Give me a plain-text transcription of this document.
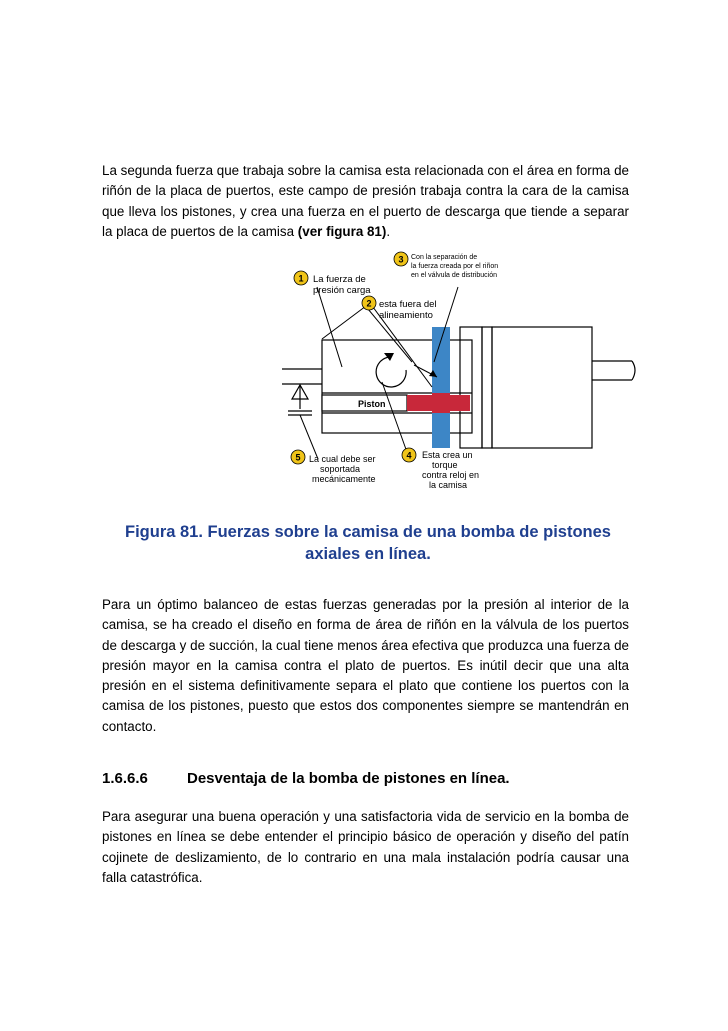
La segunda fuerza que trabaja sobre la camisa esta relacionada con el área en forma de riñón de la placa de puertos, este campo de presión trabaja contra la cara de la camisa que lleva los pistones, y crea una fuerza en el puerto de descarga que tiende a separar la placa de puertos de la camisa (ver figura 81).

Piston
1 La fuerza de
presión carga
2 esta fuera del
alineamiento
3 Con la separación de
la fuerza creada por el riñon
en el válvula de distribución
4 Esta crea un
torque
contra reloj en
la camisa
5 La cual debe ser
soportada
mecánicamente
Figura 81. Fuerzas sobre la camisa de una bomba de pistones
axiales en línea.

Para un óptimo balanceo de estas fuerzas generadas por la presión al interior de la camisa, se ha creado el diseño en forma de área de riñón en la válvula de los puertos de descarga y de succión, la cual tiene menos área efectiva que produzca una fuerza de presión mayor en la camisa contra el plato de puertos. Es inútil decir que una alta presión en el sistema definitivamente separa el plato que contiene los puertos con la camisa de los pistones, puesto que estos dos componentes siempre se mantendrán en contacto.

1.6.6.6	Desventaja de la bomba de pistones en línea.

Para asegurar una buena operación y una satisfactoria vida de servicio en la bomba de pistones en línea se debe entender el principio básico de operación y diseño del patín cojinete de deslizamiento, de lo contrario en una mala instalación podría causar una falla catastrófica.
